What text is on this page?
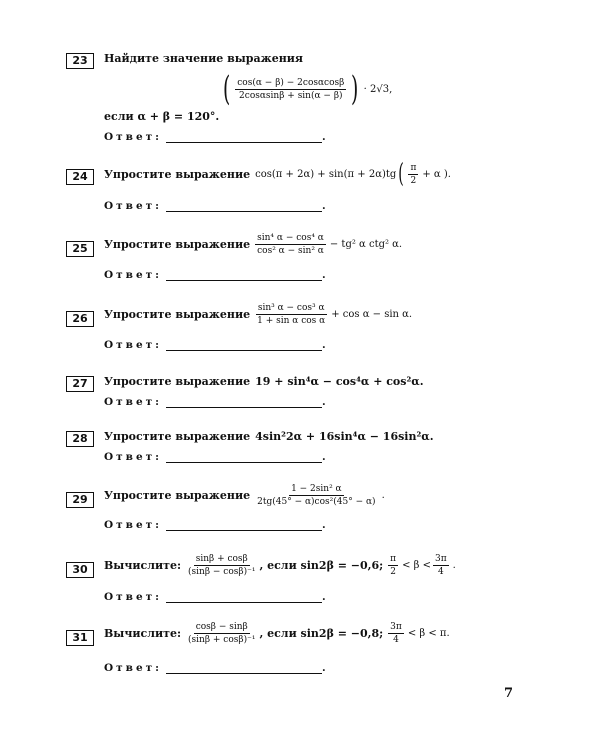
23	Найдите значение выражения
( $\frac{\cos(\alpha - \beta) - 2\cos\alpha\cos\beta}{2\cos\alpha\sin\beta + \sin(\alpha - \beta)}$ ) · 2√3,
если α + β = 120°.
Ответ:	.
24	Упростите выражение cos(π + 2α) + sin(π + 2α)tg ( $\frac{\pi}{2} + \alpha$ ).
Ответ:	.
25	Упростите выражение $\frac{\text{sin⁴ α − cos⁴ α}}{\text{cos² α − sin² α}} - tg^2$ α ctg² α.
Ответ:	.
26	Упростите выражение $\frac{\text{sin³ α − cos³ α}}{\text{1 + sin α cos α}} + \cos \alpha - \sin \alpha$.
Ответ:	.
27	Упростите выражение 19 + sin⁴α − cos⁴α + cos²α.
Ответ:	.
28	Упростите выражение 4sin²2α + 16sin⁴α − 16sin²α.
Ответ:	.
29	Упростите выражение $\frac{\text{1 − 2sin² α}}{\text{2tg(45° − α)cos²(45° − α)}}$ .
Ответ:	.
30	Вычислите: $\frac{\sin\beta + \cos\beta}{\text{(sinβ − cosβ)⁻¹}}$ , если sin2β = −0,6; $\frac{\pi}{2} < \beta < \frac{3\pi}{4}$ .
Ответ:	.
31	Вычислите: $\frac{\cos\beta - \sin\beta}{\text{(sinβ + cosβ)⁻¹}}$ , если sin2β = −0,8; $\frac{3\pi}{4} < \beta < \pi$.
Ответ:	.
7
